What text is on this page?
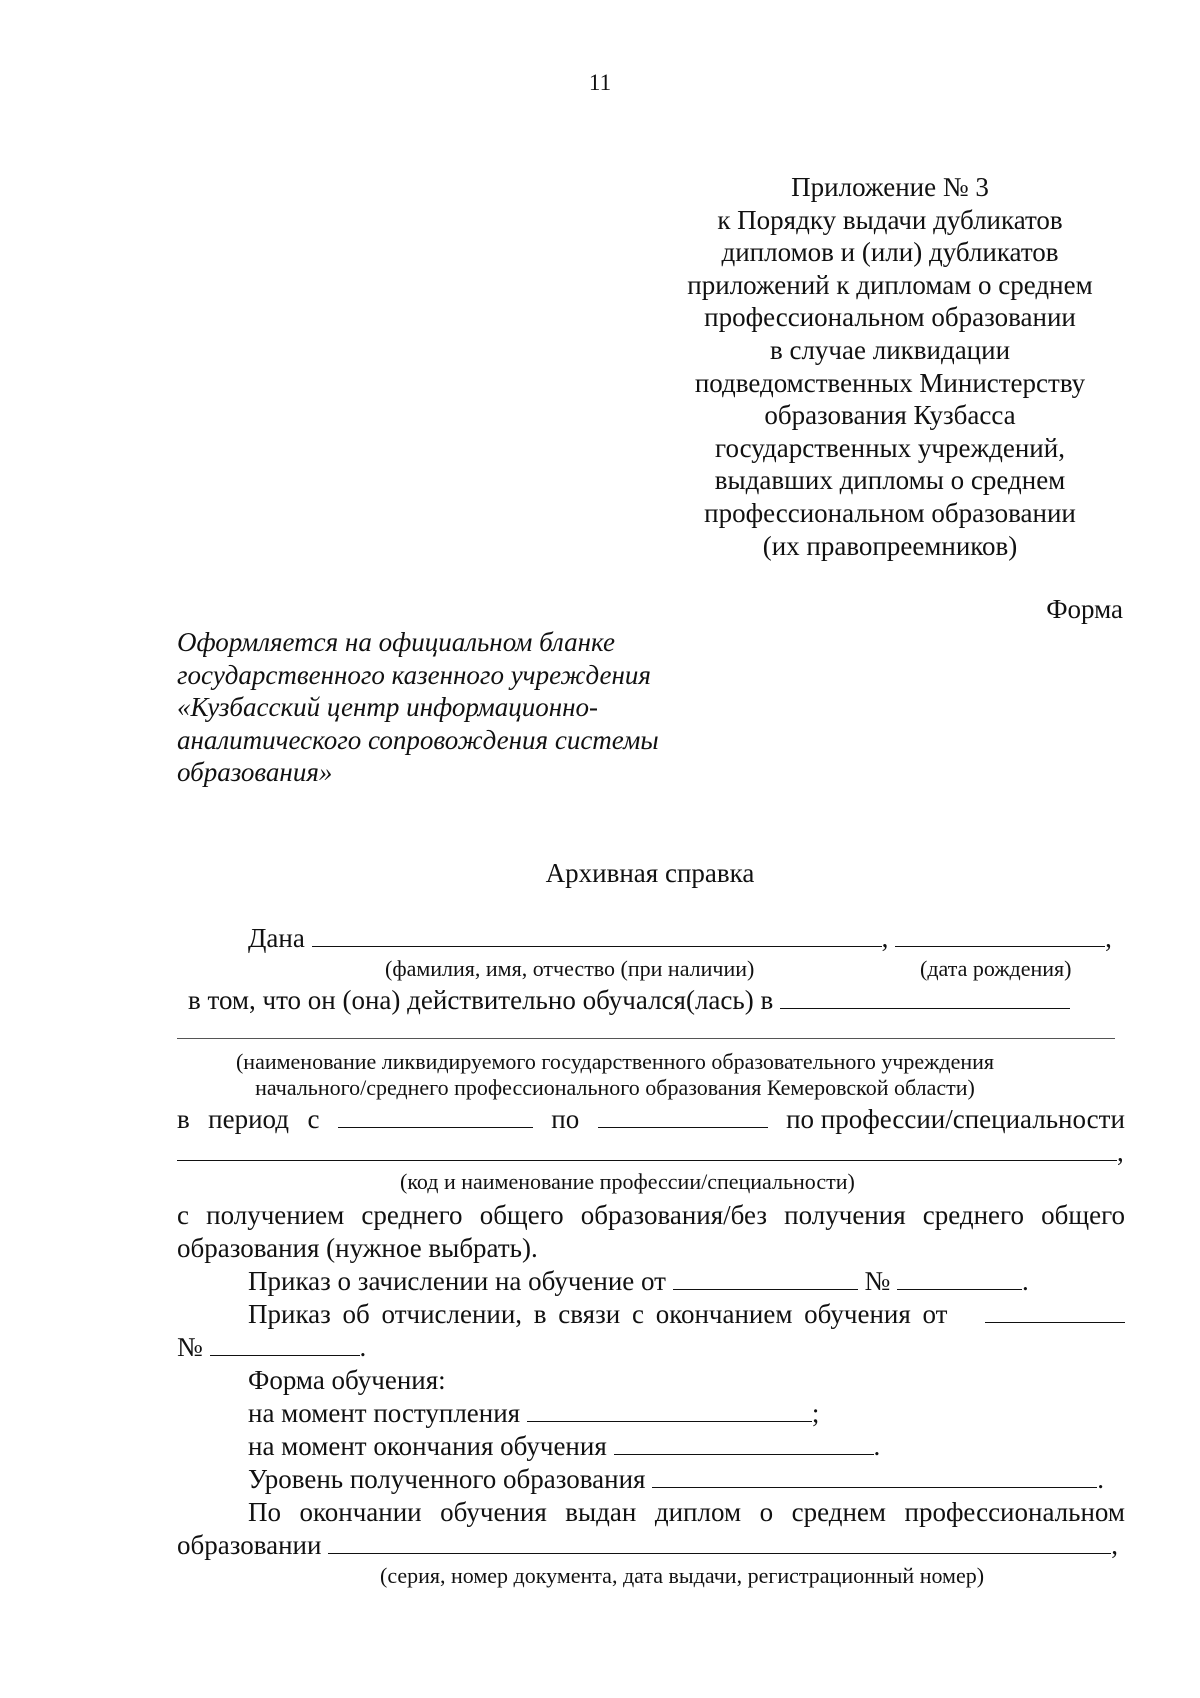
11
Приложение № 3
к Порядку выдачи дубликатов
дипломов и (или) дубликатов
приложений к дипломам о среднем
профессиональном образовании
в случае ликвидации
подведомственных Министерству
образования Кузбасса
государственных учреждений,
выдавших дипломы о среднем
профессиональном образовании
(их правопреемников)
Форма
Оформляется на официальном бланке
государственного казенного учреждения
«Кузбасский центр информационно-
аналитического сопровождения системы
образования»
Архивная справка
Дана	,	,
(фамилия, имя, отчество (при наличии)	(дата рождения)
в том, что он (она) действительно обучался(лась) в
(наименование ликвидируемого государственного образовательного учреждения
начального/среднего профессионального образования Кемеровской области)
в период с	по	по профессии/специальности
,
(код и наименование профессии/специальности)
с получением среднего общего образования/без получения среднего общего
образования (нужное выбрать).
Приказ о зачислении на обучение от	№	.
Приказ об отчислении, в связи с окончанием обучения от
№	.
Форма обучения:
на момент поступления	;
на момент окончания обучения	.
Уровень полученного образования	.
По окончании обучения выдан диплом о среднем профессиональном
образовании	,
(серия, номер документа, дата выдачи, регистрационный номер)
